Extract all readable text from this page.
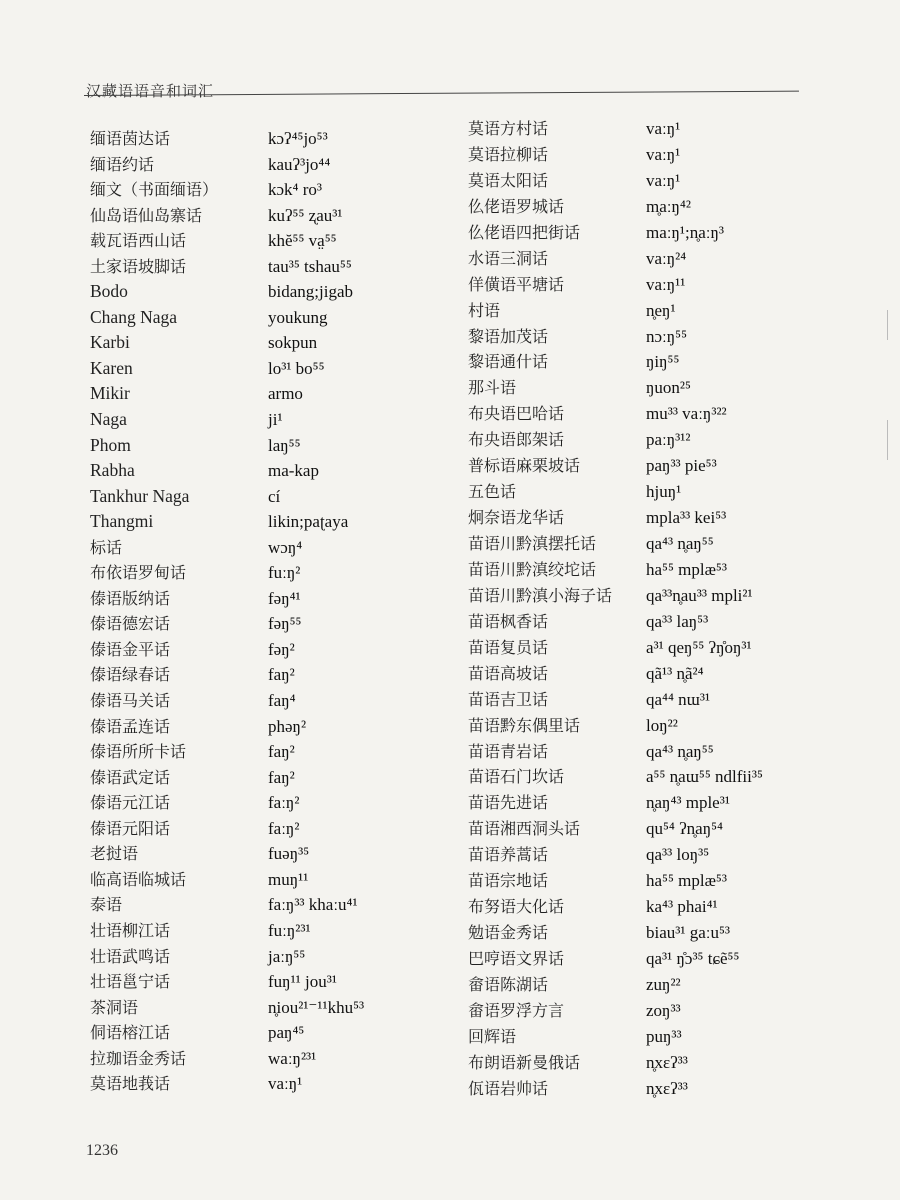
汉藏语语音和词汇
缅语茵达话	kɔʔ⁴⁵jo⁵³
缅语约话	kauʔ³jo⁴⁴
缅文（书面缅语）	kɔk⁴ ro³
仙岛语仙岛寨话	kuʔ⁵⁵ ʐau³¹
载瓦语西山话	khĕ⁵⁵ va̤⁵⁵
土家语坡脚话	tau³⁵ tshau⁵⁵
Bodo	bidang;jigab
Chang Naga	youkung
Karbi	sokpun
Karen	lo³¹ bo⁵⁵
Mikir	armo
Naga	ji¹
Phom	laŋ⁵⁵
Rabha	ma-kap
Tankhur Naga	cí
Thangmi	likin;paʈaya
标话	wɔŋ⁴
布依语罗甸话	fuːŋ²
傣语版纳话	fəŋ⁴¹
傣语德宏话	fəŋ⁵⁵
傣语金平话	fəŋ²
傣语绿春话	faŋ²
傣语马关话	faŋ⁴
傣语孟连话	phəŋ²
傣语所所卡话	faŋ²
傣语武定话	faŋ²
傣语元江话	faːŋ²
傣语元阳话	faːŋ²
老挝语	fuəŋ³⁵
临高语临城话	muŋ¹¹
泰语	faːŋ³³ khaːu⁴¹
壮语柳江话	fuːŋ²³¹
壮语武鸣话	jaːŋ⁵⁵
壮语邕宁话	fuŋ¹¹ jou³¹
茶洞语	n̥iou²¹⁻¹¹khu⁵³
侗语榕江话	paŋ⁴⁵
拉珈语金秀话	waːŋ²³¹
莫语地莪话	vaːŋ¹
莫语方村话	vaːŋ¹
莫语拉柳话	vaːŋ¹
莫语太阳话	vaːŋ¹
仫佬语罗城话	m̥aːŋ⁴²
仫佬语四把街话	maːŋ¹;n̥aːŋ³
水语三洞话	vaːŋ²⁴
佯僙语平塘话	vaːŋ¹¹
村语	n̥eŋ¹
黎语加茂话	nɔːŋ⁵⁵
黎语通什话	ŋiŋ⁵⁵
那斗语	ŋuon²⁵
布央语巴哈话	mu³³ vaːŋ³²²
布央语郎架话	paːŋ³¹²
普标语麻栗坡话	paŋ³³ pie⁵³
五色话	hjuŋ¹
炯奈语龙华话	mpla³³ kei⁵³
苗语川黔滇摆托话	qa⁴³ n̥aŋ⁵⁵
苗语川黔滇绞坨话	ha⁵⁵ mplæ⁵³
苗语川黔滇小海子话 qa³³n̥au³³ mpli²¹
苗语枫香话	qa³³ laŋ⁵³
苗语复员话	a³¹ qeŋ⁵⁵ ʔŋ̊oŋ³¹
苗语高坡话	qã¹³ n̥ã²⁴
苗语吉卫话	qa⁴⁴ nɯ³¹
苗语黔东偶里话	loŋ²²
苗语青岩话	qa⁴³ n̥aŋ⁵⁵
苗语石门坎话	a⁵⁵ n̥aɯ⁵⁵ ndlfii³⁵
苗语先进话	n̥aŋ⁴³ mple³¹
苗语湘西洞头话	qu⁵⁴ ʔn̥aŋ⁵⁴
苗语养蒿话	qa³³ loŋ³⁵
苗语宗地话	ha⁵⁵ mplæ⁵³
布努语大化话	ka⁴³ phai⁴¹
勉语金秀话	biau³¹ gaːu⁵³
巴哼语文界话	qa³¹ ŋ̊ɔ³⁵ tɕẽ⁵⁵
畲语陈湖话	zuŋ²²
畲语罗浮方言	zoŋ³³
回辉语	puŋ³³
布朗语新曼俄话	n̥xɛʔ³³
佤语岩帅话	n̥xɛʔ³³
1236
